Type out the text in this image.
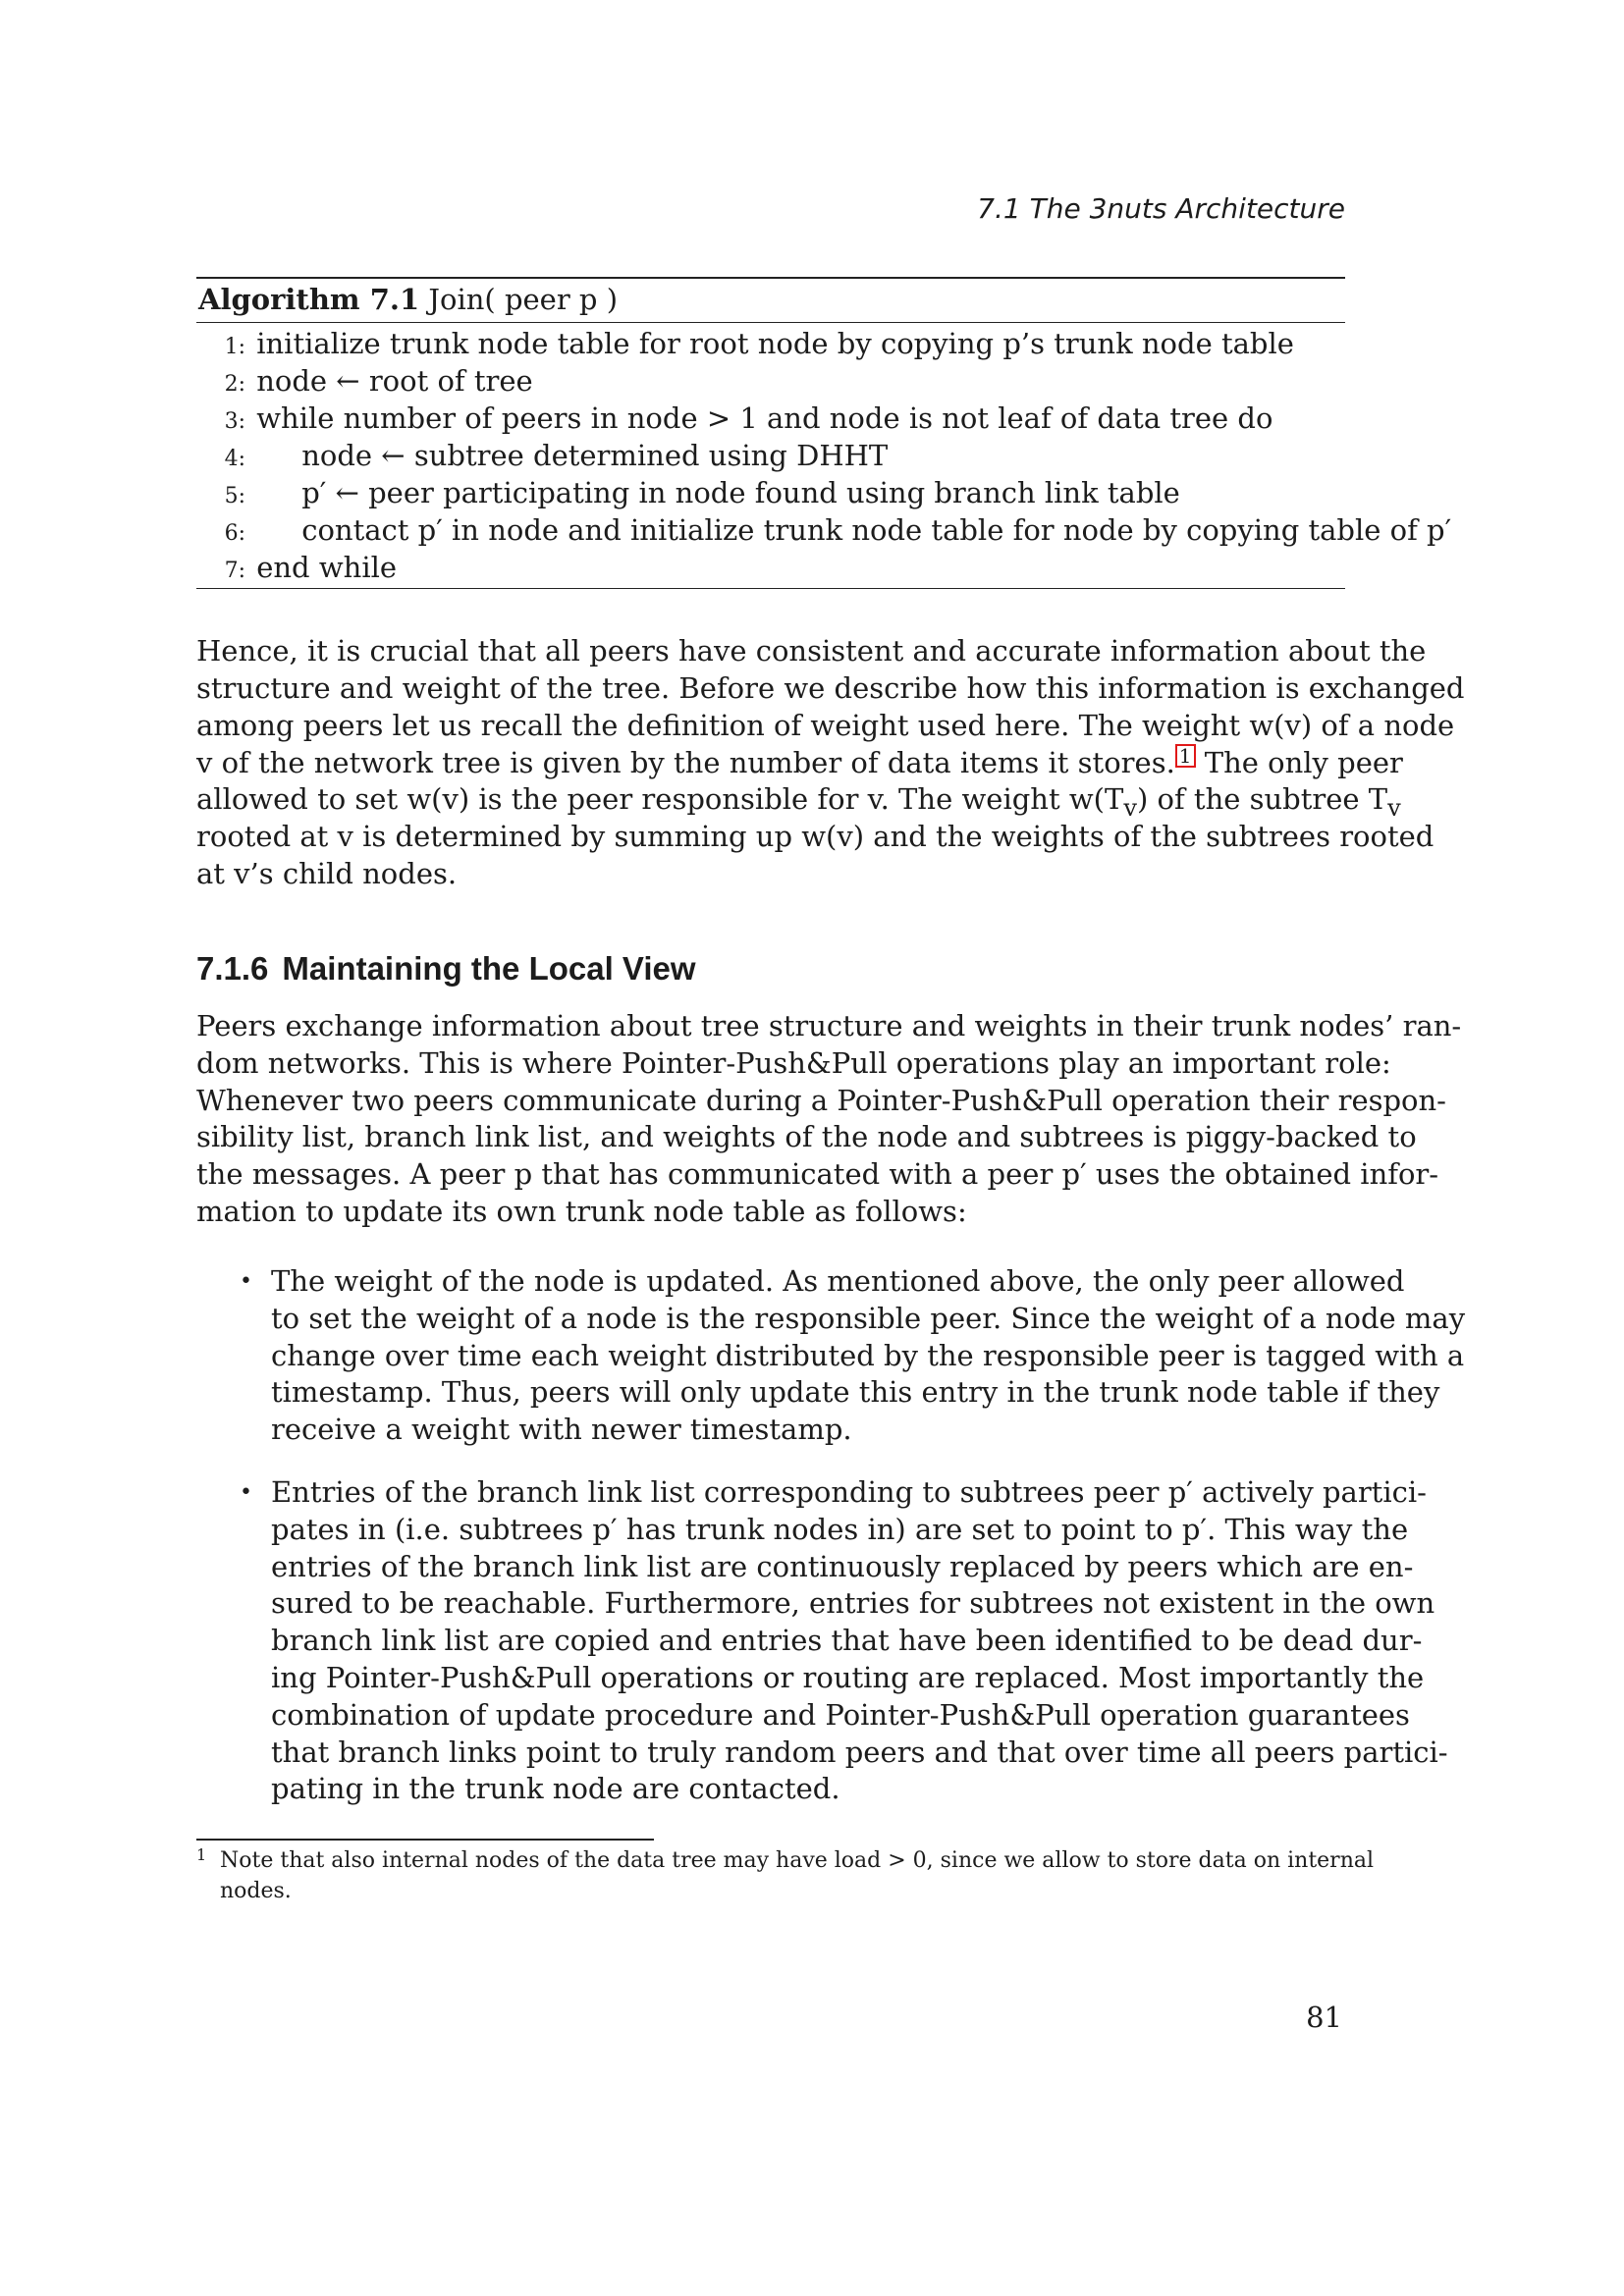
7.1 The 3nuts Architecture
Algorithm 7.1 Join( peer p )
1: initialize trunk node table for root node by copying p’s trunk node table
2: node ← root of tree
3: while number of peers in node > 1 and node is not leaf of data tree do
4: node ← subtree determined using DHHT
5: p′ ← peer participating in node found using branch link table
6: contact p′ in node and initialize trunk node table for node by copying table of p′
7: end while
Hence, it is crucial that all peers have consistent and accurate information about the
structure and weight of the tree. Before we describe how this information is exchanged
among peers let us recall the definition of weight used here. The weight w(v) of a node
v of the network tree is given by the number of data items it stores. 1 The only peer
allowed to set w(v) is the peer responsible for v. The weight $w(T_v)$ of the subtree $T_v$
rooted at v is determined by summing up w(v) and the weights of the subtrees rooted
at v’s child nodes.
7.1.6 Maintaining the Local View
Peers exchange information about tree structure and weights in their trunk nodes’ ran-
dom networks. This is where Pointer-Push&Pull operations play an important role:
Whenever two peers communicate during a Pointer-Push&Pull operation their respon-
sibility list, branch link list, and weights of the node and subtrees is piggy-backed to
the messages. A peer p that has communicated with a peer p′ uses the obtained infor-
mation to update its own trunk node table as follows:
• The weight of the node is updated. As mentioned above, the only peer allowed
to set the weight of a node is the responsible peer. Since the weight of a node may
change over time each weight distributed by the responsible peer is tagged with a
timestamp. Thus, peers will only update this entry in the trunk node table if they
receive a weight with newer timestamp.
• Entries of the branch link list corresponding to subtrees peer p′ actively partici-
pates in (i.e. subtrees p′ has trunk nodes in) are set to point to p′. This way the
entries of the branch link list are continuously replaced by peers which are en-
sured to be reachable. Furthermore, entries for subtrees not existent in the own
branch link list are copied and entries that have been identified to be dead dur-
ing Pointer-Push&Pull operations or routing are replaced. Most importantly the
combination of update procedure and Pointer-Push&Pull operation guarantees
that branch links point to truly random peers and that over time all peers partici-
pating in the trunk node are contacted.
1 Note that also internal nodes of the data tree may have load > 0, since we allow to store data on internal
nodes.
81
